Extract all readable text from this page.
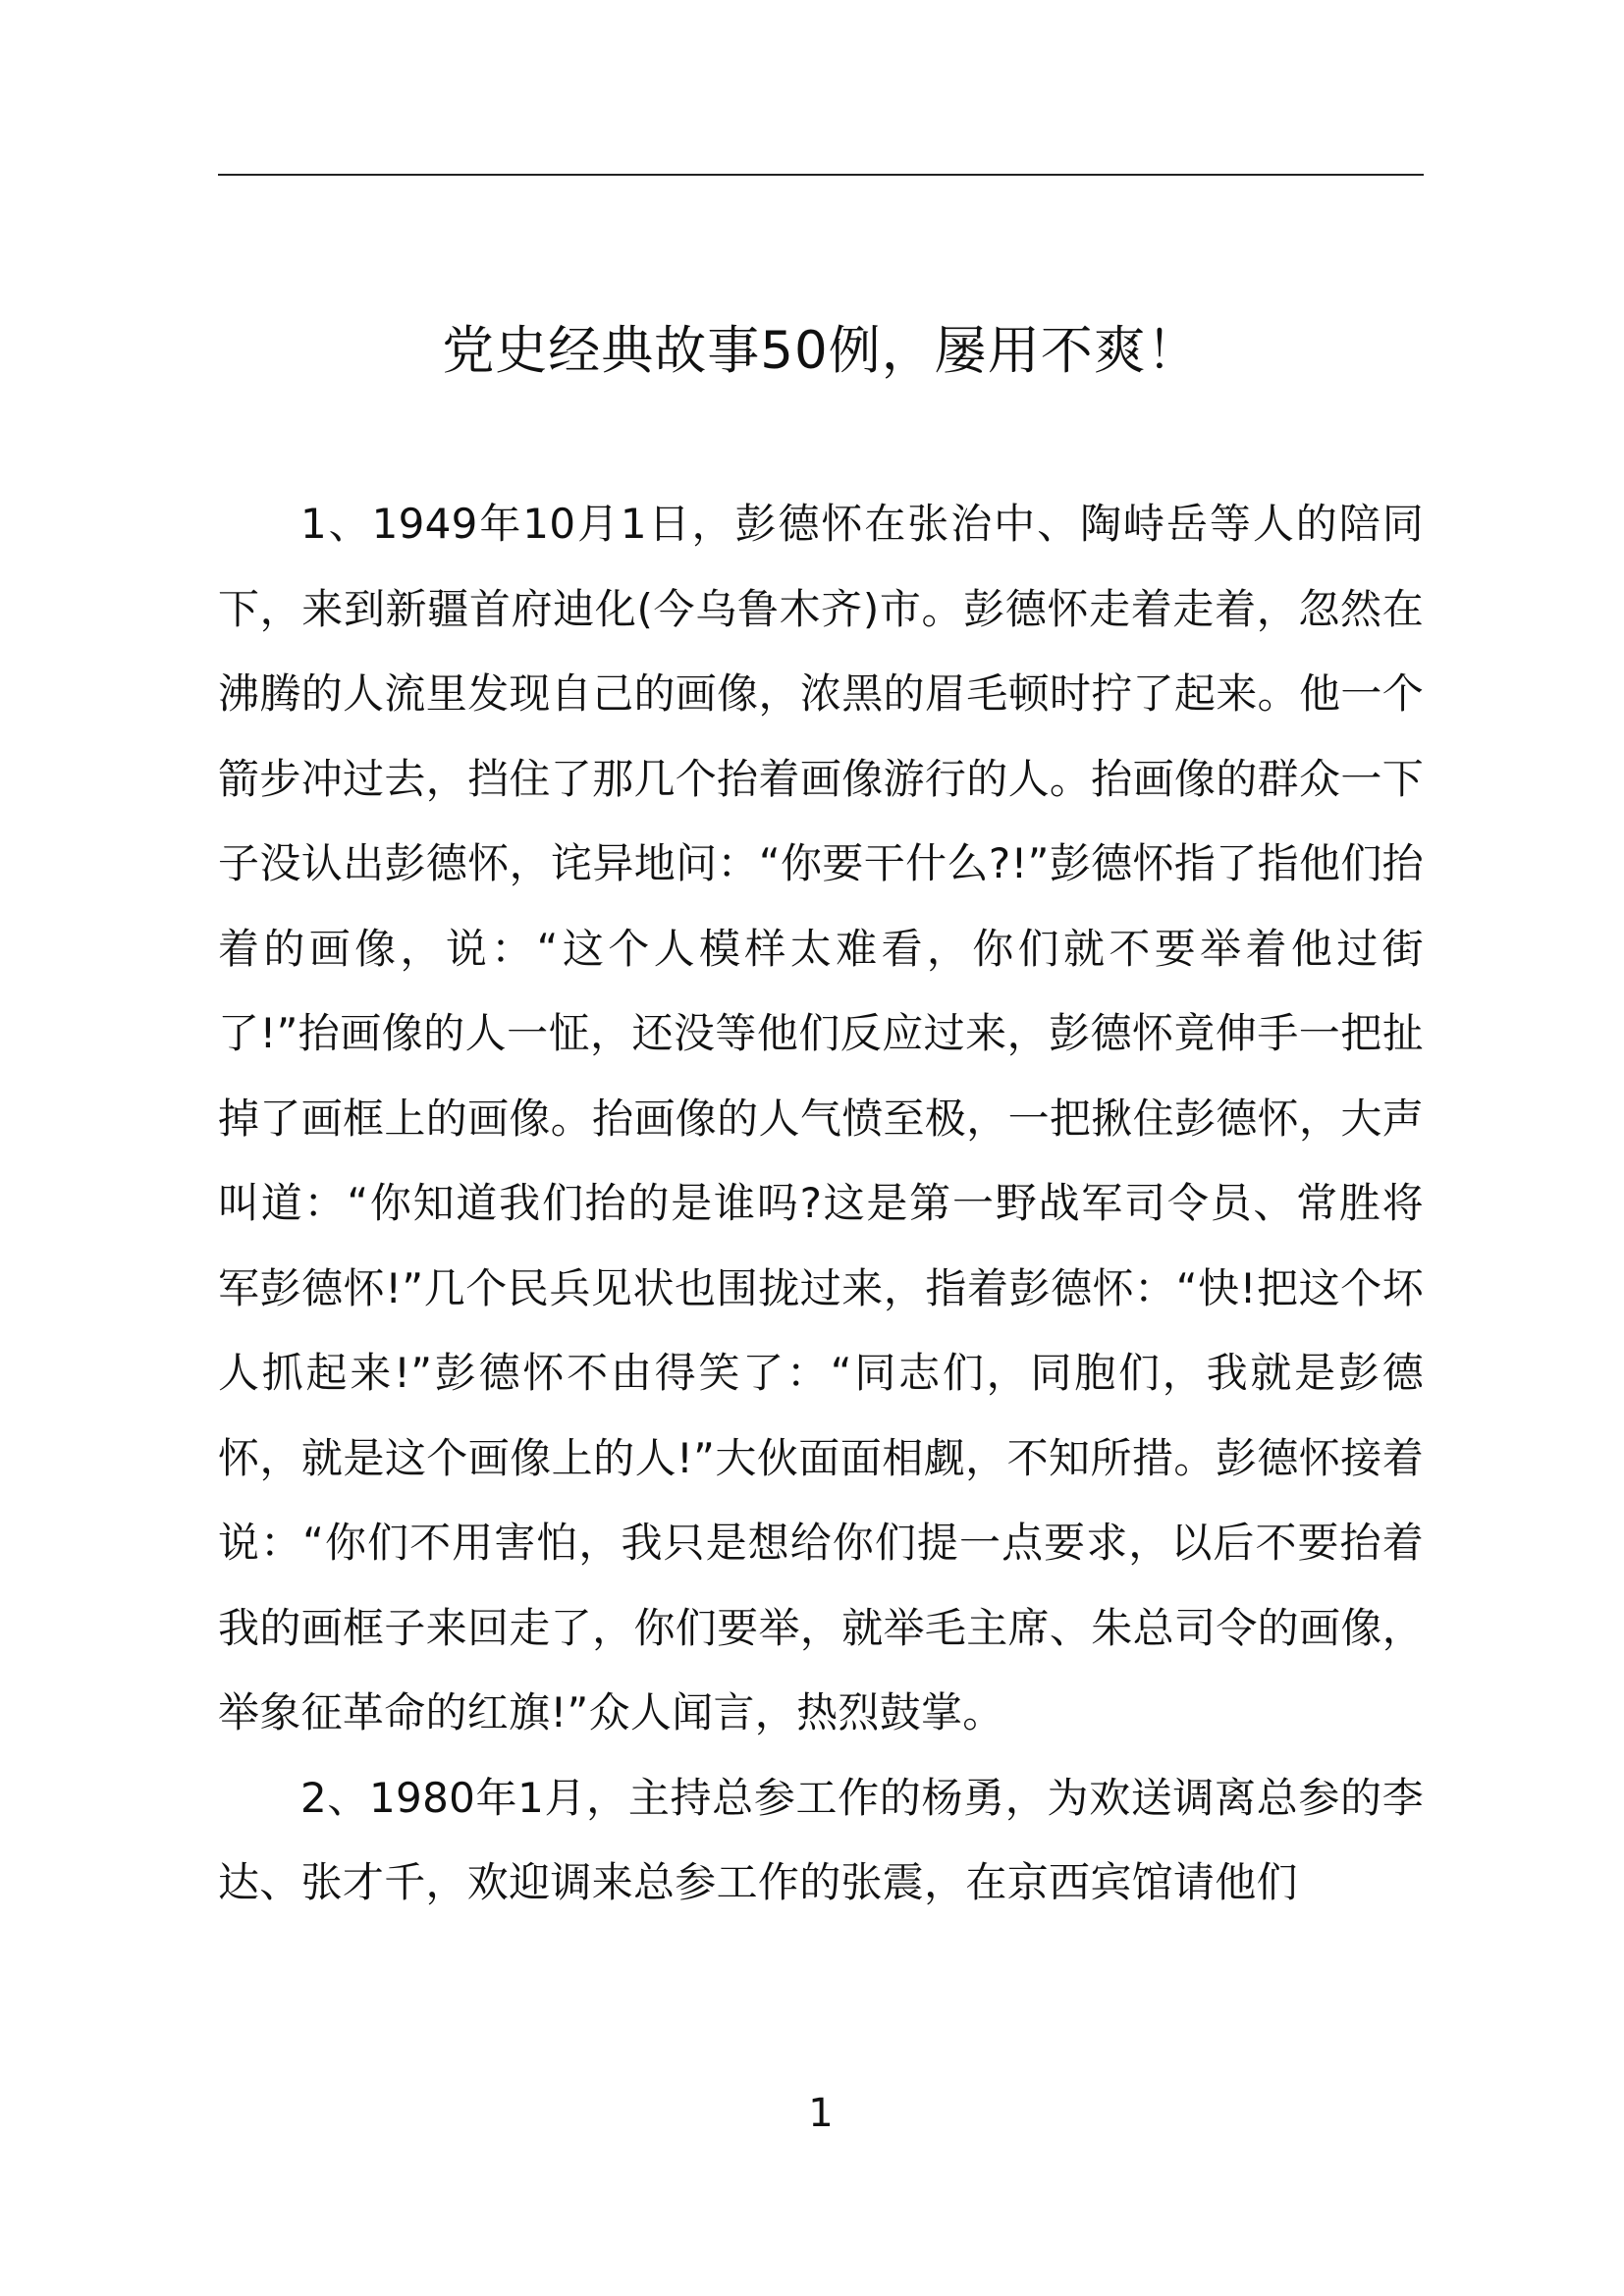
党史经典故事50例，屡用不爽！

1、1949年10月1日，彭德怀在张治中、陶峙岳等人的陪同下，来到新疆首府迪化(今乌鲁木齐)市。彭德怀走着走着，忽然在沸腾的人流里发现自己的画像，浓黑的眉毛顿时拧了起来。他一个箭步冲过去，挡住了那几个抬着画像游行的人。抬画像的群众一下子没认出彭德怀，诧异地问：“你要干什么?!”彭德怀指了指他们抬着的画像，说：“这个人模样太难看，你们就不要举着他过街了!”抬画像的人一怔，还没等他们反应过来，彭德怀竟伸手一把扯掉了画框上的画像。抬画像的人气愤至极，一把揪住彭德怀，大声叫道：“你知道我们抬的是谁吗?这是第一野战军司令员、常胜将军彭德怀!”几个民兵见状也围拢过来，指着彭德怀：“快!把这个坏人抓起来!”彭德怀不由得笑了：“同志们，同胞们，我就是彭德怀，就是这个画像上的人!”大伙面面相觑，不知所措。彭德怀接着说：“你们不用害怕，我只是想给你们提一点要求，以后不要抬着我的画框子来回走了，你们要举，就举毛主席、朱总司令的画像，举象征革命的红旗!”众人闻言，热烈鼓掌。

2、1980年1月，主持总参工作的杨勇，为欢送调离总参的李达、张才千，欢迎调来总参工作的张震，在京西宾馆请他们

1
